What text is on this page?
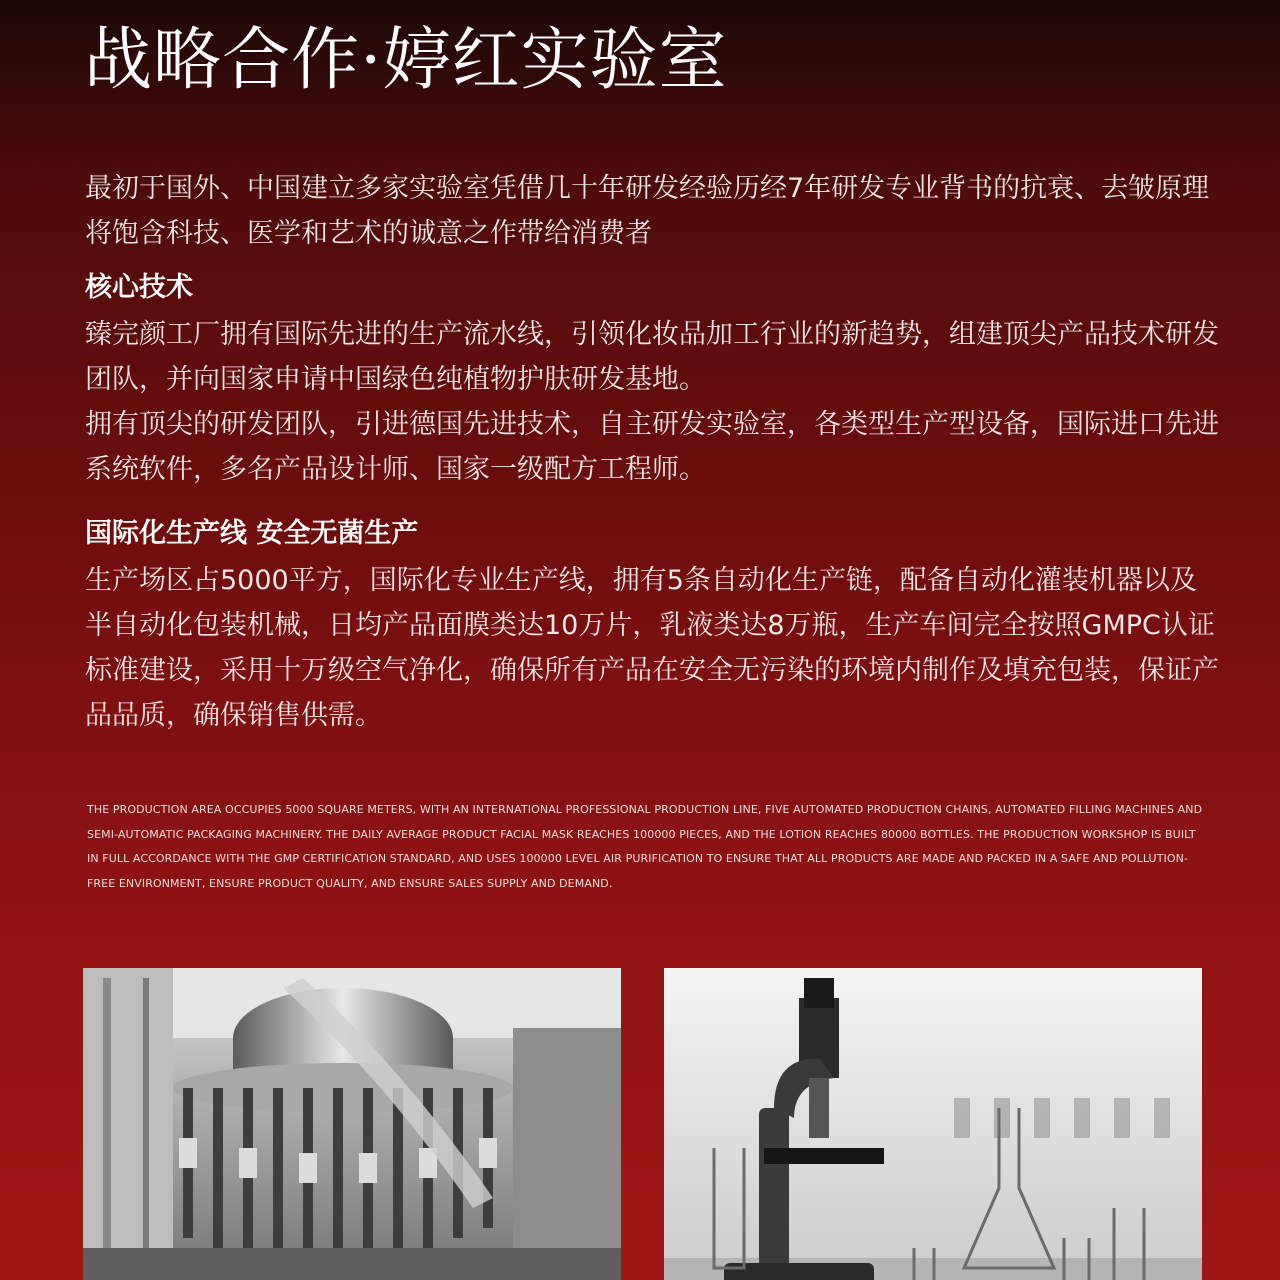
战略合作·婷红实验室
最初于国外、中国建立多家实验室凭借几十年研发经验历经7年研发专业背书的抗衰、去皱原理将饱含科技、医学和艺术的诚意之作带给消费者
核心技术

臻完颜工厂拥有国际先进的生产流水线，引领化妆品加工行业的新趋势，组建顶尖产品技术研发团队，并向国家申请中国绿色纯植物护肤研发基地。

拥有顶尖的研发团队，引进德国先进技术，自主研发实验室，各类型生产型设备，国际进口先进系统软件，多名产品设计师、国家一级配方工程师。

国际化生产线 安全无菌生产

生产场区占5000平方，国际化专业生产线，拥有5条自动化生产链，配备自动化灌装机器以及半自动化包装机械，日均产品面膜类达10万片，乳液类达8万瓶，生产车间完全按照GMPC认证标准建设，采用十万级空气净化，确保所有产品在安全无污染的环境内制作及填充包装，保证产品品质，确保销售供需。

THE PRODUCTION AREA OCCUPIES 5000 SQUARE METERS, WITH AN INTERNATIONAL PROFESSIONAL PRODUCTION LINE, FIVE AUTOMATED PRODUCTION CHAINS, AUTOMATED FILLING MACHINES AND SEMI-AUTOMATIC PACKAGING MACHINERY. THE DAILY AVERAGE PRODUCT FACIAL MASK REACHES 100000 PIECES, AND THE LOTION REACHES 80000 BOTTLES. THE PRODUCTION WORKSHOP IS BUILT IN FULL ACCORDANCE WITH THE GMP CERTIFICATION STANDARD, AND USES 100000 LEVEL AIR PURIFICATION TO ENSURE THAT ALL PRODUCTS ARE MADE AND PACKED IN A SAFE AND POLLUTION-FREE ENVIRONMENT, ENSURE PRODUCT QUALITY, AND ENSURE SALES SUPPLY AND DEMAND.
